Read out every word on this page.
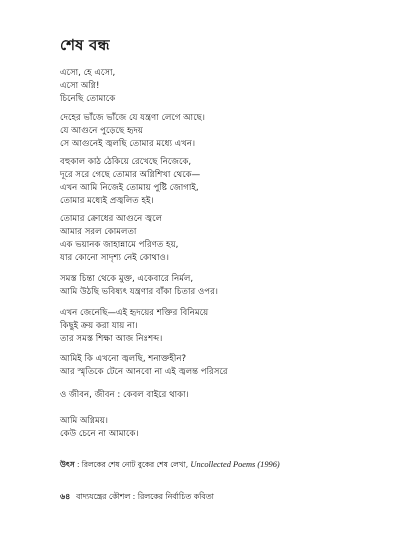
শেষ বন্ধ
এসো, হে এসো,
এসো অগ্নি!
চিনেছি তোমাকে
দেহের ভাঁজে ভাঁজে যে যন্ত্রণা লেগে আছে।
যে আগুনে পুড়েছে হৃদয়
সে আগুনেই জ্বলছি তোমার মধ্যে এখন।
বহুকাল কাঠ ঠেকিয়ে রেখেছে নিজেকে,
দূরে সরে গেছে তোমার অগ্নিশিখা থেকে—
এখন আমি নিজেই তোমায় পুষ্টি জোগাই,
তোমার মধ্যেই প্রজ্বলিত হই।
তোমার ক্রোধের আগুনে জ্বলে
আমার সরল কোমলতা
এক ভয়ানক জাহান্নামে পরিণত হয়,
যার কোনো সাদৃশ্য নেই কোথাও।
সমস্ত চিন্তা থেকে মুক্ত, একেবারে নির্মল,
আমি উঠছি ভবিষ্যৎ যন্ত্রণার বাঁকা চিতার ওপর।
এখন জেনেছি—এই হৃদয়ের শক্তির বিনিময়ে
কিছুই ক্রয় করা যায় না।
তার সমস্ত শিক্ষা আজ নিঃশব্দ।
আমিই কি এখনো জ্বলছি, শনাক্তহীন?
আর স্মৃতিকে টেনে আনবো না এই জ্বলন্ত পরিসরে
ও জীবন, জীবন : কেবল বাইরে থাকা।
আমি অগ্নিময়।
কেউ চেনে না আমাকে।
উৎস : রিলকের শেষ নোট বুকের শেষ লেখা, Uncollected Poems (1996)
৬৪ বাদ্যযন্ত্রের কৌশল : রিলকের নির্বাচিত কবিতা
